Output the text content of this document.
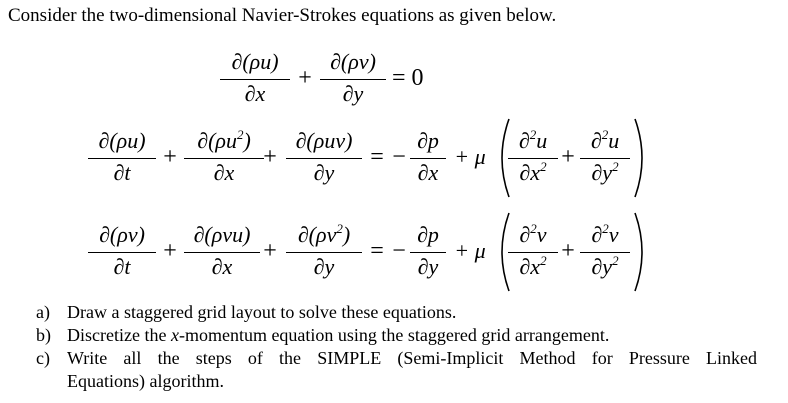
Consider the two-dimensional Navier-Strokes equations as given below.
∂(ρu)
∂x
+
∂(ρv)
∂y
= 0
∂(ρu)
∂t
+
$\partial(\rho u^2)$
∂x
+
∂(ρuv)
∂y
= −
∂p
∂x
+ μ
∂$^2$u
$\partial x^2$ +
∂$^2$u
$\partial y^2$
∂(ρv)
∂t
+
∂(ρvu)
∂x
+
$\partial(\rho v^2)$
∂y
= −
∂p
∂y
+ μ
∂$^2$v
$\partial x^2$ +
∂$^2$v
$\partial y^2$
a) Draw a staggered grid layout to solve these equations.
b) Discretize the x-momentum equation using the staggered grid arrangement.
c) Write all the steps of the SIMPLE (Semi-Implicit Method for Pressure Linked
Equations) algorithm.
